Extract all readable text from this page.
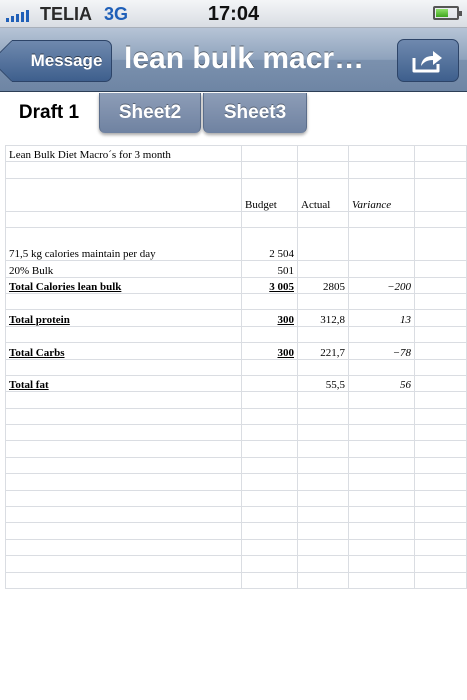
TELIA 3G	17:04
Message lean bulk macro…
Draft 1	Sheet2	Sheet3
Lean Bulk Diet Macro´s for 3 month				

	Budget	Actual	Variance	

71,5 kg calories maintain per day	2 504			
20% Bulk	501			
Total Calories lean bulk	3 005	2805	−200	

Total protein	300	312,8	13	

Total Carbs	300	221,7	−78	

Total fat		55,5	56	
